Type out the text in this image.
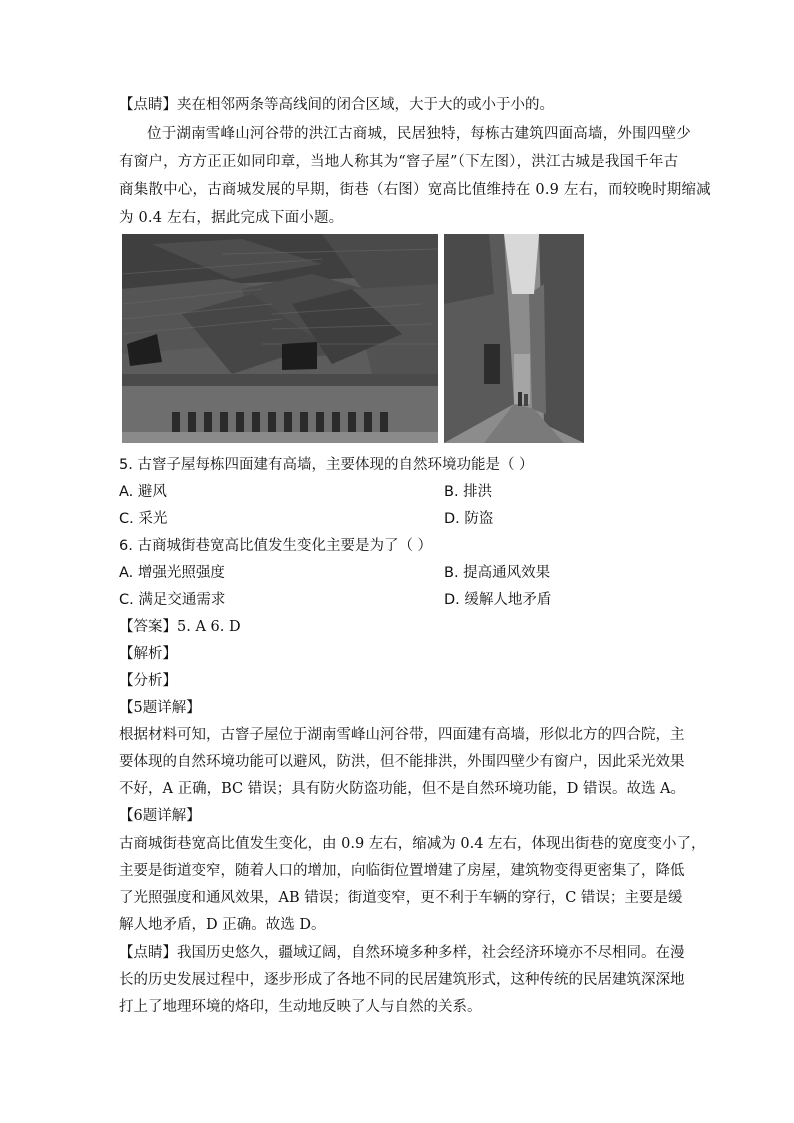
【点睛】夹在相邻两条等高线间的闭合区域，大于大的或小于小的。
位于湖南雪峰山河谷带的洪江古商城，民居独特，每栋古建筑四面高墙，外围四壁少
有窗户，方方正正如同印章，当地人称其为“窨子屋”（下左图），洪江古城是我国千年古
商集散中心，古商城发展的早期，街巷（右图）宽高比值维持在 0.9 左右，而较晚时期缩减
为 0.4 左右，据此完成下面小题。
5. 古窨子屋每栋四面建有高墙，主要体现的自然环境功能是（ ）
A. 避风	B. 排洪
C. 采光	D. 防盗
6. 古商城街巷宽高比值发生变化主要是为了（ ）
A. 增强光照强度	B. 提高通风效果
C. 满足交通需求	D. 缓解人地矛盾
【答案】5. A 6. D
【解析】
【分析】
【5题详解】
根据材料可知，古窨子屋位于湖南雪峰山河谷带，四面建有高墙，形似北方的四合院，主
要体现的自然环境功能可以避风，防洪，但不能排洪，外围四壁少有窗户，因此采光效果
不好，A 正确，BC 错误；具有防火防盗功能，但不是自然环境功能，D 错误。故选 A。
【6题详解】
古商城街巷宽高比值发生变化，由 0.9 左右，缩减为 0.4 左右，体现出街巷的宽度变小了，
主要是街道变窄，随着人口的增加，向临街位置增建了房屋，建筑物变得更密集了，降低
了光照强度和通风效果，AB 错误；街道变窄，更不利于车辆的穿行，C 错误；主要是缓
解人地矛盾，D 正确。故选 D。
【点睛】我国历史悠久，疆域辽阔，自然环境多种多样，社会经济环境亦不尽相同。在漫
长的历史发展过程中，逐步形成了各地不同的民居建筑形式，这种传统的民居建筑深深地
打上了地理环境的烙印，生动地反映了人与自然的关系。
